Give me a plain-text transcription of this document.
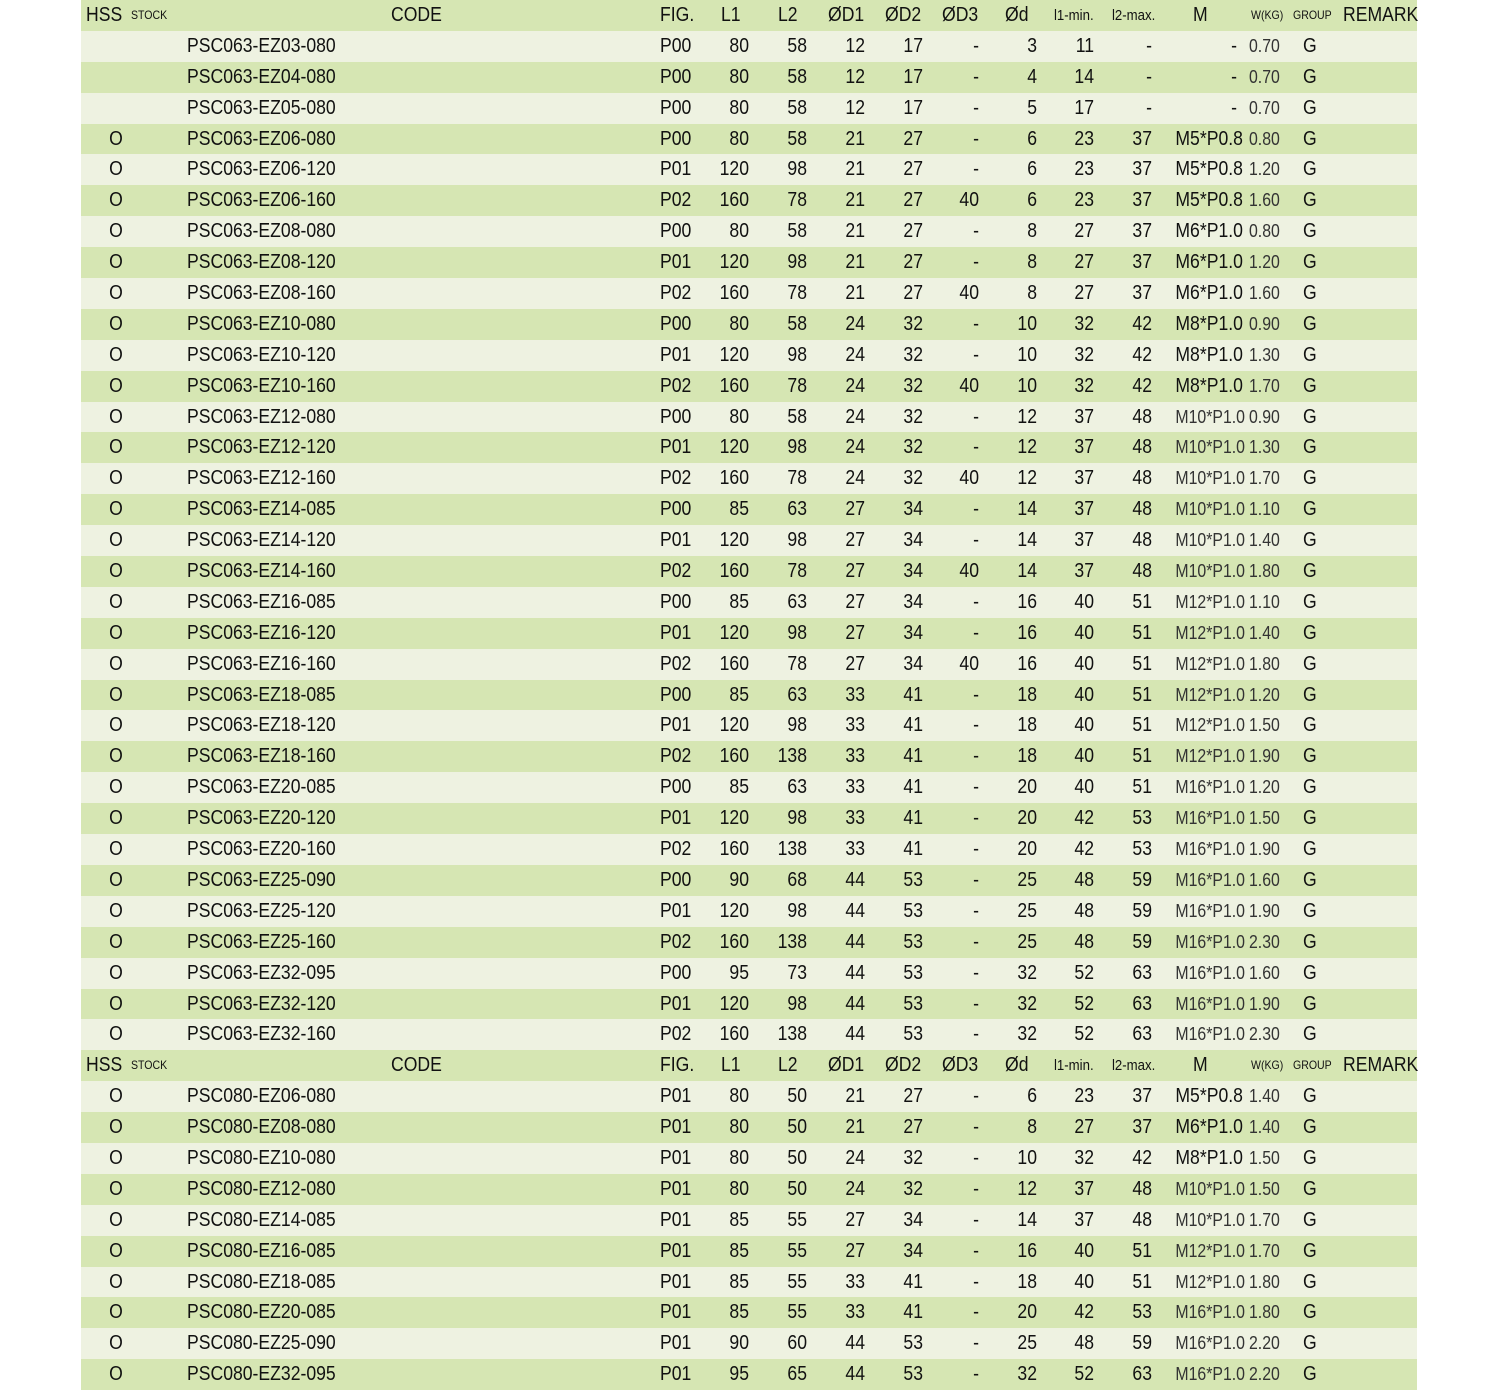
HSS STOCK	CODE	FIG. L1 L2 ØD1 ØD2 ØD3 Ød l1-min. l2-max. M	W(KG) GROUP REMARK
PSC063-EZ03-080	P00	80	58	12	17	-	3	11	-	- 0.70 G
PSC063-EZ04-080	P00	80	58	12	17	-	4	14	-	- 0.70 G
PSC063-EZ05-080	P00	80	58	12	17	-	5	17	-	- 0.70 G
O	PSC063-EZ06-080	P00	80	58	21	27	-	6	23	37 M5*P0.8 0.80 G
O	PSC063-EZ06-120	P01	120	98	21	27	-	6	23	37 M5*P0.8 1.20 G
O	PSC063-EZ06-160	P02	160	78	21	27	40	6	23	37 M5*P0.8 1.60 G
O	PSC063-EZ08-080	P00	80	58	21	27	-	8	27	37 M6*P1.0 0.80 G
O	PSC063-EZ08-120	P01	120	98	21	27	-	8	27	37 M6*P1.0 1.20 G
O	PSC063-EZ08-160	P02	160	78	21	27	40	8	27	37 M6*P1.0 1.60 G
O	PSC063-EZ10-080	P00	80	58	24	32	-	10	32	42 M8*P1.0 0.90 G
O	PSC063-EZ10-120	P01	120	98	24	32	-	10	32	42 M8*P1.0 1.30 G
O	PSC063-EZ10-160	P02	160	78	24	32	40	10	32	42 M8*P1.0 1.70 G
O	PSC063-EZ12-080	P00	80	58	24	32	-	12	37	48 M10*P1.0 0.90 G
O	PSC063-EZ12-120	P01	120	98	24	32	-	12	37	48 M10*P1.0 1.30 G
O	PSC063-EZ12-160	P02	160	78	24	32	40	12	37	48 M10*P1.0 1.70 G
O	PSC063-EZ14-085	P00	85	63	27	34	-	14	37	48 M10*P1.0 1.10 G
O	PSC063-EZ14-120	P01	120	98	27	34	-	14	37	48 M10*P1.0 1.40 G
O	PSC063-EZ14-160	P02	160	78	27	34	40	14	37	48 M10*P1.0 1.80 G
O	PSC063-EZ16-085	P00	85	63	27	34	-	16	40	51 M12*P1.0 1.10 G
O	PSC063-EZ16-120	P01	120	98	27	34	-	16	40	51 M12*P1.0 1.40 G
O	PSC063-EZ16-160	P02	160	78	27	34	40	16	40	51 M12*P1.0 1.80 G
O	PSC063-EZ18-085	P00	85	63	33	41	-	18	40	51 M12*P1.0 1.20 G
O	PSC063-EZ18-120	P01	120	98	33	41	-	18	40	51 M12*P1.0 1.50 G
O	PSC063-EZ18-160	P02	160 138	33	41	-	18	40	51 M12*P1.0 1.90 G
O	PSC063-EZ20-085	P00	85	63	33	41	-	20	40	51 M16*P1.0 1.20 G
O	PSC063-EZ20-120	P01	120	98	33	41	-	20	42	53 M16*P1.0 1.50 G
O	PSC063-EZ20-160	P02	160 138	33	41	-	20	42	53 M16*P1.0 1.90 G
O	PSC063-EZ25-090	P00	90	68	44	53	-	25	48	59 M16*P1.0 1.60 G
O	PSC063-EZ25-120	P01	120	98	44	53	-	25	48	59 M16*P1.0 1.90 G
O	PSC063-EZ25-160	P02	160 138	44	53	-	25	48	59 M16*P1.0 2.30 G
O	PSC063-EZ32-095	P00	95	73	44	53	-	32	52	63 M16*P1.0 1.60 G
O	PSC063-EZ32-120	P01	120	98	44	53	-	32	52	63 M16*P1.0 1.90 G
O	PSC063-EZ32-160	P02	160 138	44	53	-	32	52	63 M16*P1.0 2.30 G
HSS STOCK	CODE	FIG. L1 L2 ØD1 ØD2 ØD3 Ød l1-min. l2-max. M	W(KG) GROUP REMARK
O	PSC080-EZ06-080	P01	80	50	21	27	-	6	23	37 M5*P0.8 1.40 G
O	PSC080-EZ08-080	P01	80	50	21	27	-	8	27	37 M6*P1.0 1.40 G
O	PSC080-EZ10-080	P01	80	50	24	32	-	10	32	42 M8*P1.0 1.50 G
O	PSC080-EZ12-080	P01	80	50	24	32	-	12	37	48 M10*P1.0 1.50 G
O	PSC080-EZ14-085	P01	85	55	27	34	-	14	37	48 M10*P1.0 1.70 G
O	PSC080-EZ16-085	P01	85	55	27	34	-	16	40	51 M12*P1.0 1.70 G
O	PSC080-EZ18-085	P01	85	55	33	41	-	18	40	51 M12*P1.0 1.80 G
O	PSC080-EZ20-085	P01	85	55	33	41	-	20	42	53 M16*P1.0 1.80 G
O	PSC080-EZ25-090	P01	90	60	44	53	-	25	48	59 M16*P1.0 2.20 G
O	PSC080-EZ32-095	P01	95	65	44	53	-	32	52	63 M16*P1.0 2.20 G
